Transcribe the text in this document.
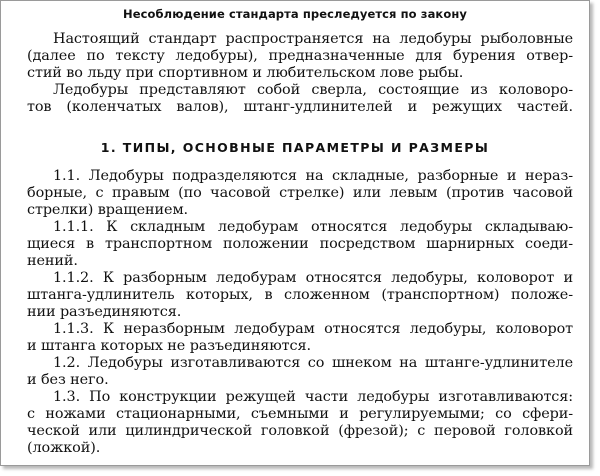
Несоблюдение стандарта преследуется по закону
Настоящий стандарт распространяется на ледобуры рыболовные
(далее по тексту ледобуры), предназначенные для бурения отвер-
стий во льду при спортивном и любительском лове рыбы.
Ледобуры представляют собой сверла, состоящие из коловоро-
тов (коленчатых валов), штанг-удлинителей и режущих частей.
1. ТИПЫ, ОСНОВНЫЕ ПАРАМЕТРЫ И РАЗМЕРЫ
1.1. Ледобуры подразделяются на складные, разборные и нераз-
борные, с правым (по часовой стрелке) или левым (против часовой
стрелки) вращением.
1.1.1. К складным ледобурам относятся ледобуры складываю-
щиеся в транспортном положении посредством шарнирных соеди-
нений.
1.1.2. К разборным ледобурам относятся ледобуры, коловорот и
штанга-удлинитель которых, в сложенном (транспортном) положе-
нии разъединяются.
1.1.3. К неразборным ледобурам относятся ледобуры, коловорот
и штанга которых не разъединяются.
1.2. Ледобуры изготавливаются со шнеком на штанге-удлинителе
и без него.
1.3. По конструкции режущей части ледобуры изготавливаются:
с ножами стационарными, съемными и регулируемыми; со сфери-
ческой или цилиндрической головкой (фрезой); с перовой головкой
(ложкой).
